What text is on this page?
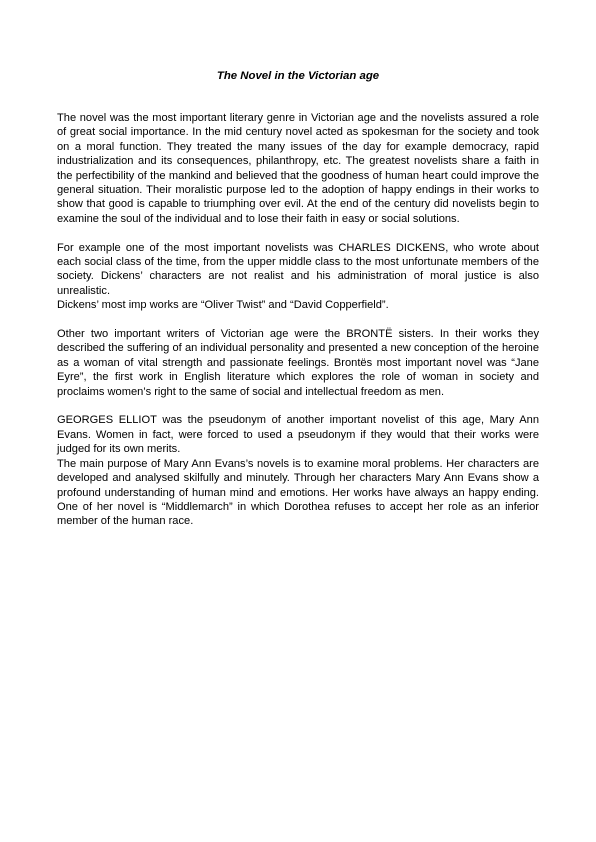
The Novel in the Victorian age

The novel was the most important literary genre in Victorian age and the novelists assured a role of great social importance. In the mid century novel acted as spokesman for the society and took on a moral function. They treated the many issues of the day for example democracy, rapid industrialization and its consequences, philanthropy, etc. The greatest novelists share a faith in the perfectibility of the mankind and believed that the goodness of human heart could improve the general situation. Their moralistic purpose led to the adoption of happy endings in their works to show that good is capable to triumphing over evil. At the end of the century did novelists begin to examine the soul of the individual and to lose their faith in easy or social solutions.

For example one of the most important novelists was CHARLES DICKENS, who wrote about each social class of the time, from the upper middle class to the most unfortunate members of the society. Dickens’ characters are not realist and his administration of moral justice is also unrealistic.

Dickens’ most imp works are “Oliver Twist” and “David Copperfield”.

Other two important writers of Victorian age were the BRONTË sisters. In their works they described the suffering of an individual personality and presented a new conception of the heroine as a woman of vital strength and passionate feelings. Brontës most important novel was “Jane Eyre”, the first work in English literature which explores the role of woman in society and proclaims women’s right to the same of social and intellectual freedom as men.

GEORGES ELLIOT was the pseudonym of another important novelist of this age, Mary Ann Evans. Women in fact, were forced to used a pseudonym if they would that their works were judged for its own merits.

The main purpose of Mary Ann Evans’s novels is to examine moral problems. Her characters are developed and analysed skilfully and minutely. Through her characters Mary Ann Evans show a profound understanding of human mind and emotions. Her works have always an happy ending. One of her novel is “Middlemarch” in which Dorothea refuses to accept her role as an inferior member of the human race.
